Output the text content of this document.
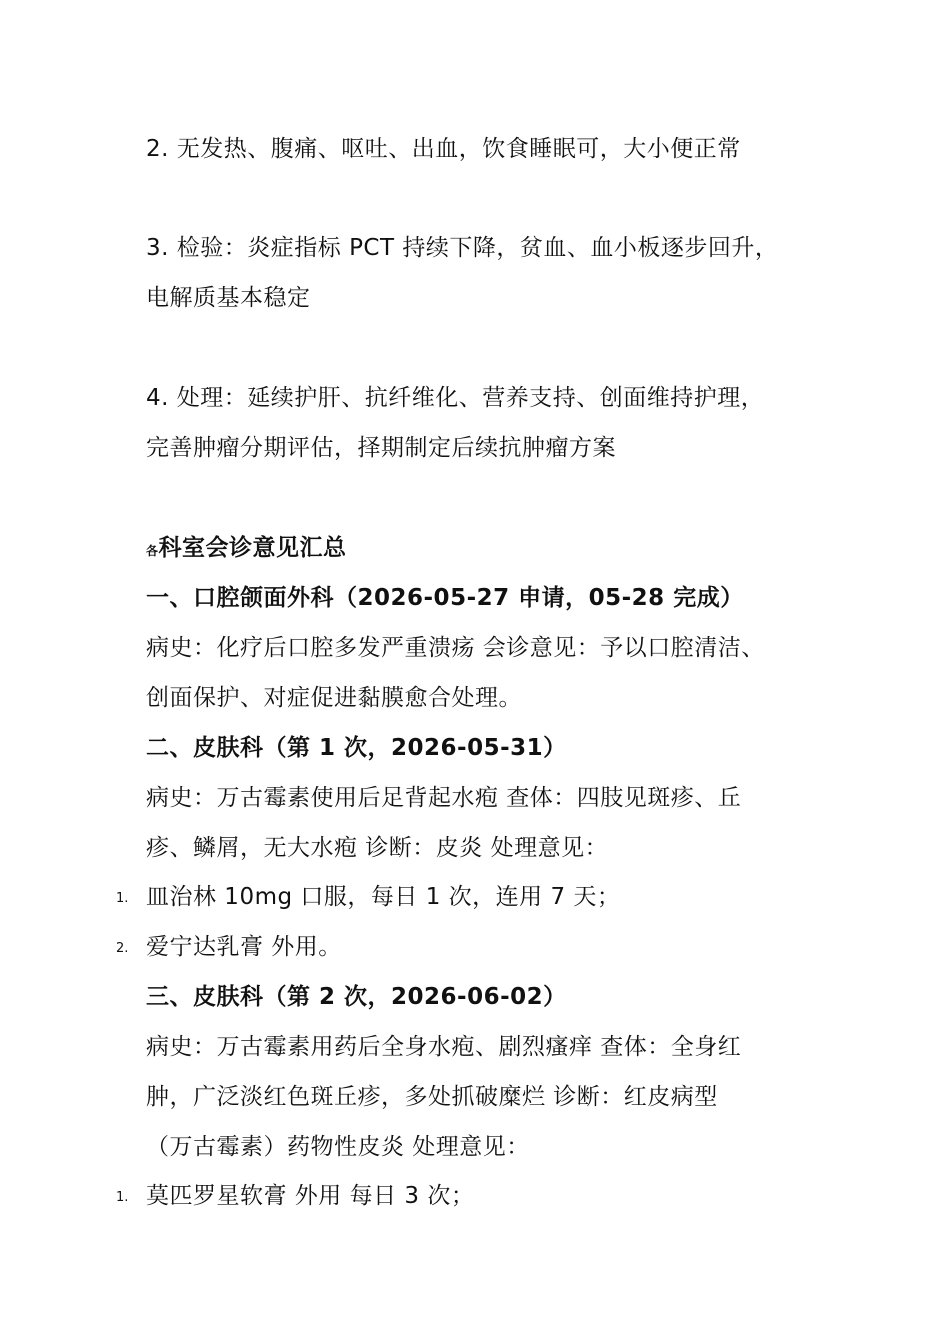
2. 无发热、腹痛、呕吐、出血，饮食睡眠可，大小便正常
3. 检验：炎症指标 PCT 持续下降，贫血、血小板逐步回升，
电解质基本稳定
4. 处理：延续护肝、抗纤维化、营养支持、创面维持护理，
完善肿瘤分期评估，择期制定后续抗肿瘤方案
各科室会诊意见汇总
一、口腔颌面外科（2026-05-27 申请，05-28 完成）
病史：化疗后口腔多发严重溃疡 会诊意见：予以口腔清洁、
创面保护、对症促进黏膜愈合处理。
二、皮肤科（第 1 次，2026-05-31）
病史：万古霉素使用后足背起水疱 查体：四肢见斑疹、丘
疹、鳞屑，无大水疱 诊断：皮炎 处理意见：
1. 皿治林 10mg 口服，每日 1 次，连用 7 天；
2. 爱宁达乳膏 外用。
三、皮肤科（第 2 次，2026-06-02）
病史：万古霉素用药后全身水疱、剧烈瘙痒 查体：全身红
肿，广泛淡红色斑丘疹，多处抓破糜烂 诊断：红皮病型
（万古霉素）药物性皮炎 处理意见：
1. 莫匹罗星软膏 外用 每日 3 次；
